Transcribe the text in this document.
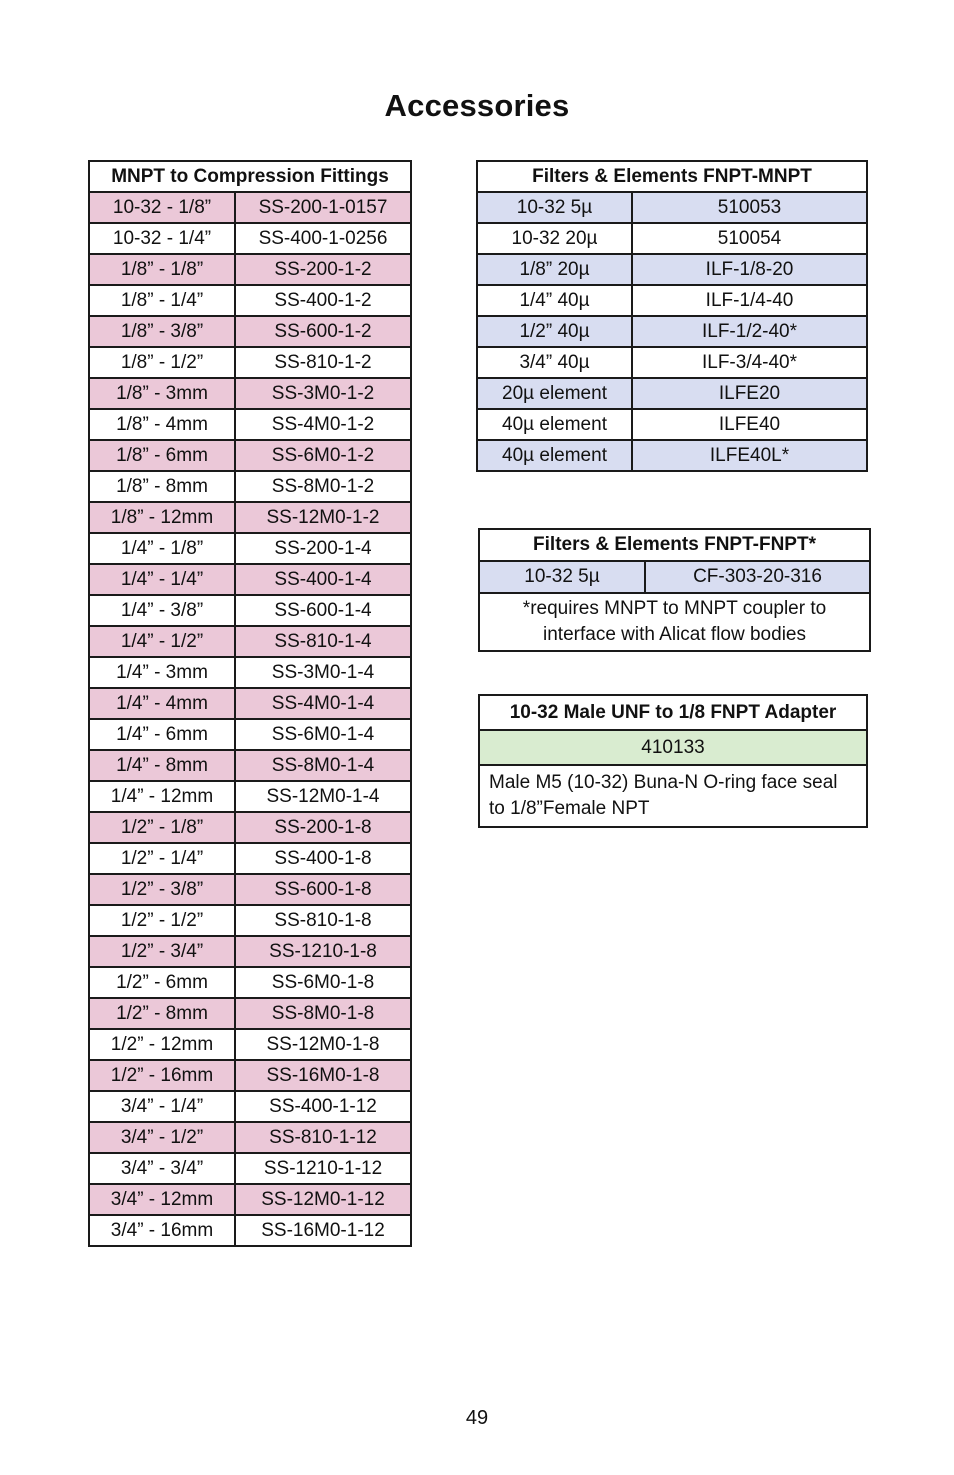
Accessories
MNPT to Compression Fittings	
10-32 - 1/8”	SS-200-1-0157
10-32 - 1/4”	SS-400-1-0256
1/8” - 1/8”	SS-200-1-2
1/8” - 1/4”	SS-400-1-2
1/8” - 3/8”	SS-600-1-2
1/8” - 1/2”	SS-810-1-2
1/8” - 3mm	SS-3M0-1-2
1/8” - 4mm	SS-4M0-1-2
1/8” - 6mm	SS-6M0-1-2
1/8” - 8mm	SS-8M0-1-2
1/8” - 12mm	SS-12M0-1-2
1/4” - 1/8”	SS-200-1-4
1/4” - 1/4”	SS-400-1-4
1/4” - 3/8”	SS-600-1-4
1/4” - 1/2”	SS-810-1-4
1/4” - 3mm	SS-3M0-1-4
1/4” - 4mm	SS-4M0-1-4
1/4” - 6mm	SS-6M0-1-4
1/4” - 8mm	SS-8M0-1-4
1/4” - 12mm	SS-12M0-1-4
1/2” - 1/8”	SS-200-1-8
1/2” - 1/4”	SS-400-1-8
1/2” - 3/8”	SS-600-1-8
1/2” - 1/2”	SS-810-1-8
1/2” - 3/4”	SS-1210-1-8
1/2” - 6mm	SS-6M0-1-8
1/2” - 8mm	SS-8M0-1-8
1/2” - 12mm	SS-12M0-1-8
1/2” - 16mm	SS-16M0-1-8
3/4” - 1/4”	SS-400-1-12
3/4” - 1/2”	SS-810-1-12
3/4” - 3/4”	SS-1210-1-12
3/4” - 12mm	SS-12M0-1-12
3/4” - 16mm	SS-16M0-1-12
Filters & Elements FNPT-MNPT	
10-32 5µ	510053
10-32 20µ	510054
1/8” 20µ	ILF-1/8-20
1/4” 40µ	ILF-1/4-40
1/2” 40µ	ILF-1/2-40*
3/4” 40µ	ILF-3/4-40*
20µ element	ILFE20
40µ element	ILFE40
40µ element	ILFE40L*
Filters & Elements FNPT-FNPT*
10-32 5µ	CF-303-20-316
*requires MNPT to MNPT coupler to interface with Alicat flow bodies
10-32 Male UNF to 1/8 FNPT Adapter
410133
Male M5 (10-32) Buna-N O-ring face seal to 1/8”Female NPT
49
